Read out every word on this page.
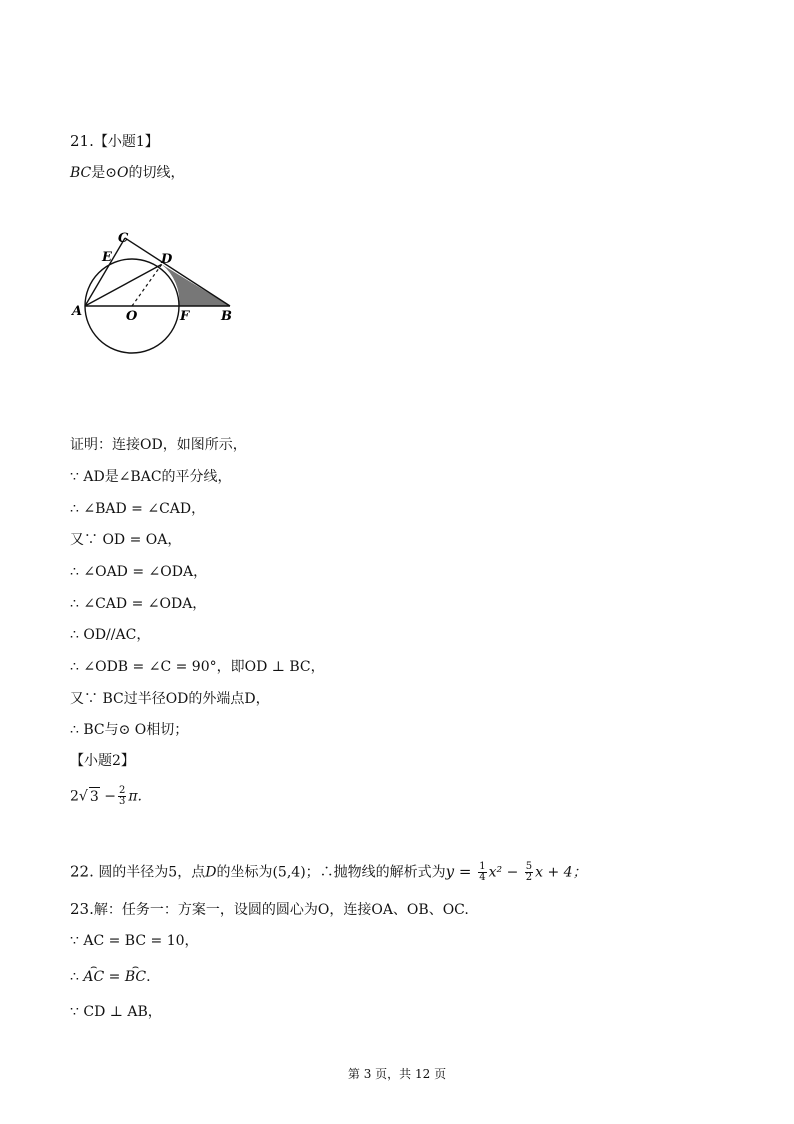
21.【小题1】
BC是⊙O的切线，
C
E	D
A	O	F B
证明：连接OD，如图所示，
∵ AD是∠BAC的平分线，
∴ ∠BAD = ∠CAD，
又∵ OD = OA，
∴ ∠OAD = ∠ODA，
∴ ∠CAD = ∠ODA，
∴ OD//AC，
∴ ∠ODB = ∠C = 90°，即OD ⊥ BC，
又∵ BC过半径OD的外端点D，
∴ BC与⊙ O相切；
【小题2】
2√ $3 - \frac{2}{3} \pi$.
22. 圆的半径为5，点D的坐标为(5,4)；∴抛物线的解析式为$y = \frac{1}{4} x^2 - \frac{5}{2}$ x + 4；
23.解：任务一：方案一，设圆的圆心为O，连接OA、OB、OC.
∵ AC = BC = 10，
∴ ⌢ AC = ⌢ BC.
∵ CD ⊥ AB，
第 3 页，共 12 页
